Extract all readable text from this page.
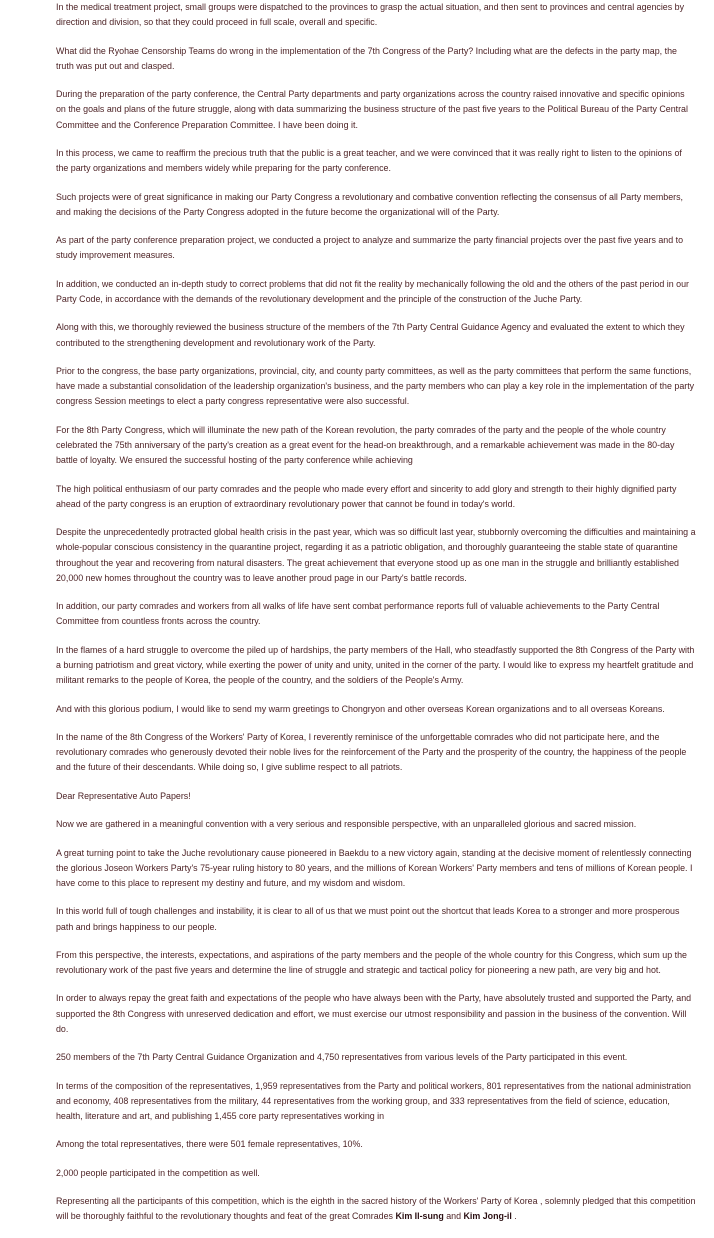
In the medical treatment project, small groups were dispatched to the provinces to grasp the actual situation, and then sent to provinces and central agencies by direction and division, so that they could proceed in full scale, overall and specific.

What did the Ryohae Censorship Teams do wrong in the implementation of the 7th Congress of the Party? Including what are the defects in the party map, the truth was put out and clasped.

During the preparation of the party conference, the Central Party departments and party organizations across the country raised innovative and specific opinions on the goals and plans of the future struggle, along with data summarizing the business structure of the past five years to the Political Bureau of the Party Central Committee and the Conference Preparation Committee. I have been doing it.

In this process, we came to reaffirm the precious truth that the public is a great teacher, and we were convinced that it was really right to listen to the opinions of the party organizations and members widely while preparing for the party conference.

Such projects were of great significance in making our Party Congress a revolutionary and combative convention reflecting the consensus of all Party members, and making the decisions of the Party Congress adopted in the future become the organizational will of the Party.

As part of the party conference preparation project, we conducted a project to analyze and summarize the party financial projects over the past five years and to study improvement measures.

In addition, we conducted an in-depth study to correct problems that did not fit the reality by mechanically following the old and the others of the past period in our Party Code, in accordance with the demands of the revolutionary development and the principle of the construction of the Juche Party.

Along with this, we thoroughly reviewed the business structure of the members of the 7th Party Central Guidance Agency and evaluated the extent to which they contributed to the strengthening development and revolutionary work of the Party.

Prior to the congress, the base party organizations, provincial, city, and county party committees, as well as the party committees that perform the same functions, have made a substantial consolidation of the leadership organization's business, and the party members who can play a key role in the implementation of the party congress Session meetings to elect a party congress representative were also successful.

For the 8th Party Congress, which will illuminate the new path of the Korean revolution, the party comrades of the party and the people of the whole country celebrated the 75th anniversary of the party's creation as a great event for the head-on breakthrough, and a remarkable achievement was made in the 80-day battle of loyalty. We ensured the successful hosting of the party conference while achieving

The high political enthusiasm of our party comrades and the people who made every effort and sincerity to add glory and strength to their highly dignified party ahead of the party congress is an eruption of extraordinary revolutionary power that cannot be found in today's world.

Despite the unprecedentedly protracted global health crisis in the past year, which was so difficult last year, stubbornly overcoming the difficulties and maintaining a whole-popular conscious consistency in the quarantine project, regarding it as a patriotic obligation, and thoroughly guaranteeing the stable state of quarantine throughout the year and recovering from natural disasters. The great achievement that everyone stood up as one man in the struggle and brilliantly established 20,000 new homes throughout the country was to leave another proud page in our Party's battle records.

In addition, our party comrades and workers from all walks of life have sent combat performance reports full of valuable achievements to the Party Central Committee from countless fronts across the country.

In the flames of a hard struggle to overcome the piled up of hardships, the party members of the Hall, who steadfastly supported the 8th Congress of the Party with a burning patriotism and great victory, while exerting the power of unity and unity, united in the corner of the party. I would like to express my heartfelt gratitude and militant remarks to the people of Korea, the people of the country, and the soldiers of the People's Army.

And with this glorious podium, I would like to send my warm greetings to Chongryon and other overseas Korean organizations and to all overseas Koreans.

In the name of the 8th Congress of the Workers' Party of Korea, I reverently reminisce of the unforgettable comrades who did not participate here, and the revolutionary comrades who generously devoted their noble lives for the reinforcement of the Party and the prosperity of the country, the happiness of the people and the future of their descendants. While doing so, I give sublime respect to all patriots.

Dear Representative Auto Papers!

Now we are gathered in a meaningful convention with a very serious and responsible perspective, with an unparalleled glorious and sacred mission.

A great turning point to take the Juche revolutionary cause pioneered in Baekdu to a new victory again, standing at the decisive moment of relentlessly connecting the glorious Joseon Workers Party's 75-year ruling history to 80 years, and the millions of Korean Workers' Party members and tens of millions of Korean people. I have come to this place to represent my destiny and future, and my wisdom and wisdom.

In this world full of tough challenges and instability, it is clear to all of us that we must point out the shortcut that leads Korea to a stronger and more prosperous path and brings happiness to our people.

From this perspective, the interests, expectations, and aspirations of the party members and the people of the whole country for this Congress, which sum up the revolutionary work of the past five years and determine the line of struggle and strategic and tactical policy for pioneering a new path, are very big and hot.

In order to always repay the great faith and expectations of the people who have always been with the Party, have absolutely trusted and supported the Party, and supported the 8th Congress with unreserved dedication and effort, we must exercise our utmost responsibility and passion in the business of the convention. Will do.

250 members of the 7th Party Central Guidance Organization and 4,750 representatives from various levels of the Party participated in this event.

In terms of the composition of the representatives, 1,959 representatives from the Party and political workers, 801 representatives from the national administration and economy, 408 representatives from the military, 44 representatives from the working group, and 333 representatives from the field of science, education, health, literature and art, and publishing 1,455 core party representatives working in

Among the total representatives, there were 501 female representatives, 10%.

2,000 people participated in the competition as well.

Representing all the participants of this competition, which is the eighth in the sacred history of the Workers' Party of Korea , solemnly pledged that this competition will be thoroughly faithful to the revolutionary thoughts and feat of the great Comrades Kim Il-sung and Kim Jong-il .
